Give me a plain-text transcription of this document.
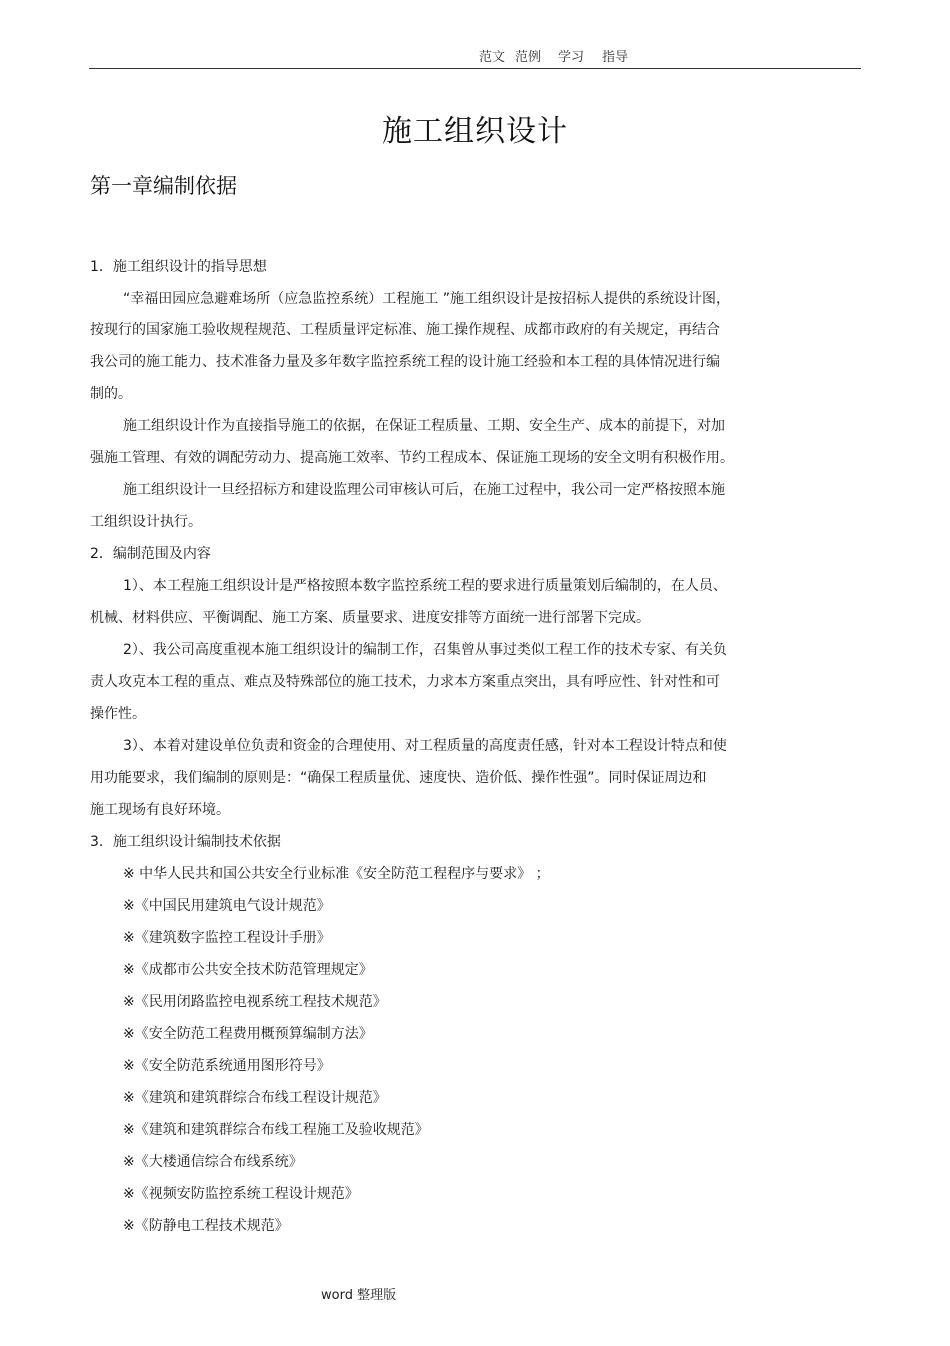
范文 范例 学习 指导
施工组织设计
第一章编制依据
1．施工组织设计的指导思想
“幸福田园应急避难场所（应急监控系统）工程施工 ”施工组织设计是按招标人提供的系统设计图，
按现行的国家施工验收规程规范、工程质量评定标准、施工操作规程、成都市政府的有关规定，再结合
我公司的施工能力、技术准备力量及多年数字监控系统工程的设计施工经验和本工程的具体情况进行编
制的。
施工组织设计作为直接指导施工的依据，在保证工程质量、工期、安全生产、成本的前提下，对加
强施工管理、有效的调配劳动力、提高施工效率、节约工程成本、保证施工现场的安全文明有积极作用。
施工组织设计一旦经招标方和建设监理公司审核认可后，在施工过程中，我公司一定严格按照本施
工组织设计执行。
2．编制范围及内容
1）、本工程施工组织设计是严格按照本数字监控系统工程的要求进行质量策划后编制的，在人员、
机械、材料供应、平衡调配、施工方案、质量要求、进度安排等方面统一进行部署下完成。
2）、我公司高度重视本施工组织设计的编制工作，召集曾从事过类似工程工作的技术专家、有关负
责人攻克本工程的重点、难点及特殊部位的施工技术，力求本方案重点突出，具有呼应性、针对性和可
操作性。
3）、本着对建设单位负责和资金的合理使用、对工程质量的高度责任感，针对本工程设计特点和使
用功能要求，我们编制的原则是：“确保工程质量优、速度快、造价低、操作性强”。同时保证周边和
施工现场有良好环境。
3．施工组织设计编制技术依据
※ 中华人民共和国公共安全行业标准《安全防范工程程序与要求》 ；
※《中国民用建筑电气设计规范》
※《建筑数字监控工程设计手册》
※《成都市公共安全技术防范管理规定》
※《民用闭路监控电视系统工程技术规范》
※《安全防范工程费用概预算编制方法》
※《安全防范系统通用图形符号》
※《建筑和建筑群综合布线工程设计规范》
※《建筑和建筑群综合布线工程施工及验收规范》
※《大楼通信综合布线系统》
※《视频安防监控系统工程设计规范》
※《防静电工程技术规范》
word 整理版
